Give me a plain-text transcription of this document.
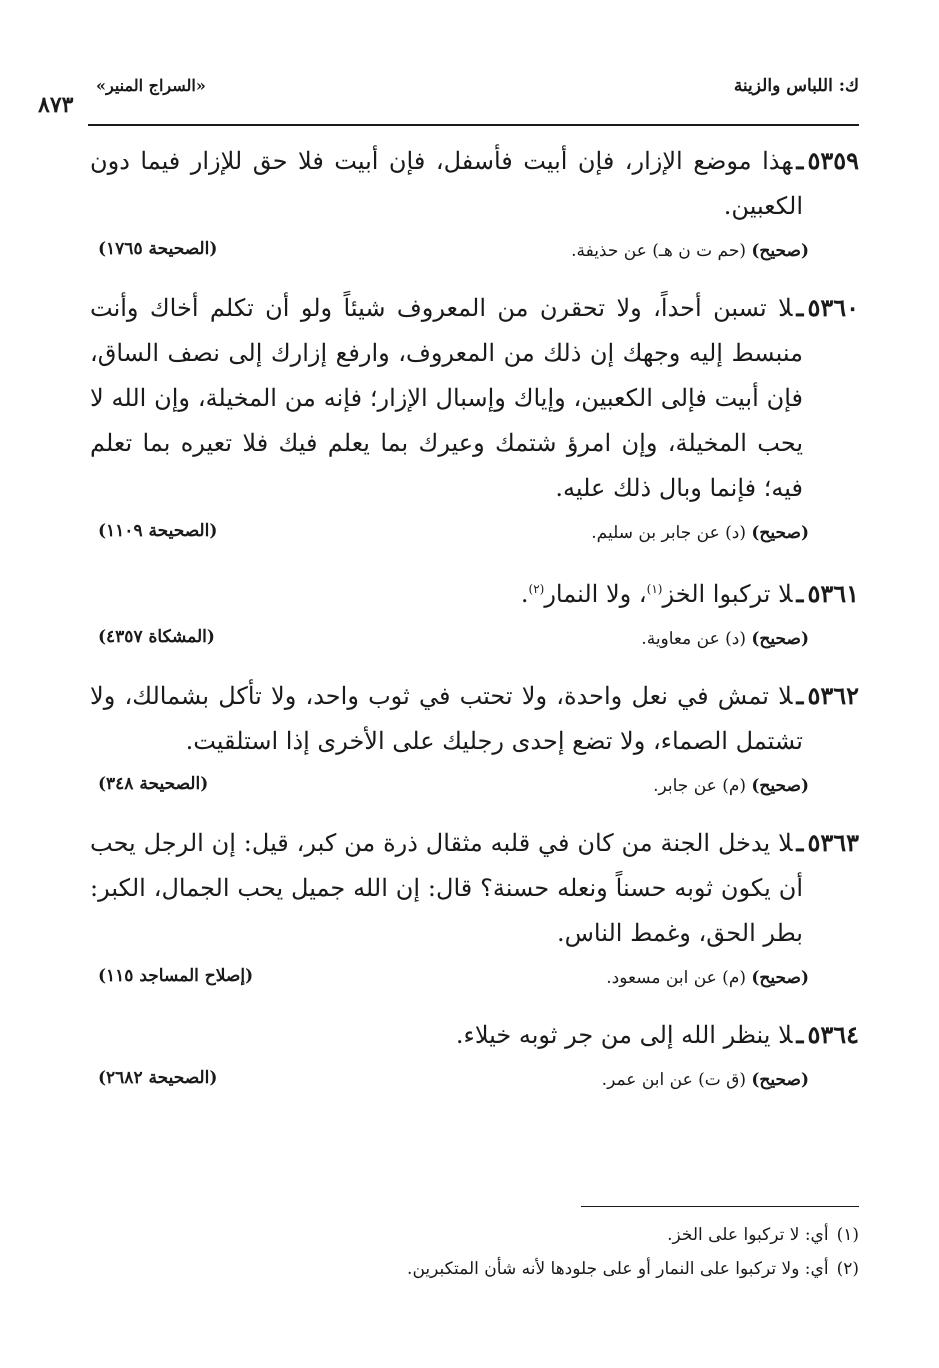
ك: اللباس والزينة
«السراج المنير»
٨٧٣

٥٣٥٩ـهذا موضع الإزار، فإن أبيت فأسفل، فإن أبيت فلا حق للإزار فيما دون الكعبين.

(صحيح) (حم ت ن هـ) عن حذيفة.
(الصحيحة ١٧٦٥)

٥٣٦٠ـلا تسبن أحداً، ولا تحقرن من المعروف شيئاً ولو أن تكلم أخاك وأنت منبسط إليه وجهك إن ذلك من المعروف، وارفع إزارك إلى نصف الساق، فإن أبيت فإلى الكعبين، وإياك وإسبال الإزار؛ فإنه من المخيلة، وإن الله لا يحب المخيلة، وإن امرؤ شتمك وعيرك بما يعلم فيك فلا تعيره بما تعلم فيه؛ فإنما وبال ذلك عليه.

(صحيح) (د) عن جابر بن سليم.
(الصحيحة ١١٠٩)

٥٣٦١ـلا تركبوا الخز$^{(١)}$، ولا النمار$^{(٢)}$.

(صحيح) (د) عن معاوية.
(المشكاة ٤٣٥٧)

٥٣٦٢ـلا تمش في نعل واحدة، ولا تحتب في ثوب واحد، ولا تأكل بشمالك، ولا تشتمل الصماء، ولا تضع إحدى رجليك على الأخرى إذا استلقيت.

(صحيح) (م) عن جابر.
(الصحيحة ٣٤٨)

٥٣٦٣ـلا يدخل الجنة من كان في قلبه مثقال ذرة من كبر، قيل: إن الرجل يحب أن يكون ثوبه حسناً ونعله حسنة؟ قال: إن الله جميل يحب الجمال، الكبر: بطر الحق، وغمط الناس.

(صحيح) (م) عن ابن مسعود.
(إصلاح المساجد ١١٥)

٥٣٦٤ـلا ينظر الله إلى من جر ثوبه خيلاء.

(صحيح) (ق ت) عن ابن عمر.
(الصحيحة ٢٦٨٢)

(١)أي: لا تركبوا على الخز.

(٢)أي: ولا تركبوا على النمار أو على جلودها لأنه شأن المتكبرين.
